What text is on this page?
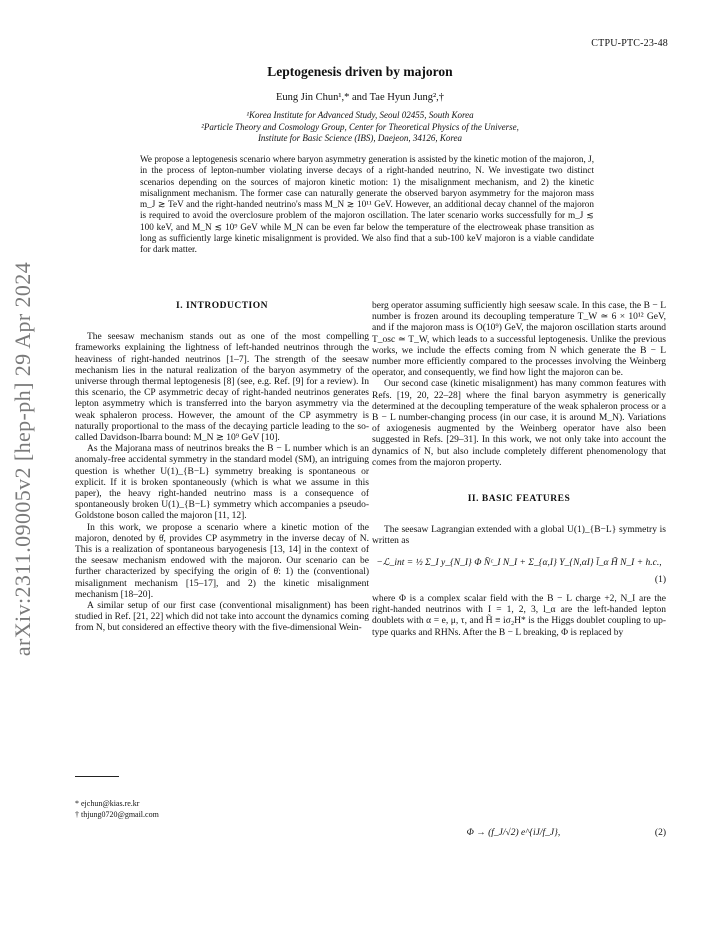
CTPU-PTC-23-48
arXiv:2311.09005v2 [hep-ph] 29 Apr 2024
Leptogenesis driven by majoron
Eung Jin Chun¹,* and Tae Hyun Jung²,†
¹Korea Institute for Advanced Study, Seoul 02455, South Korea
²Particle Theory and Cosmology Group, Center for Theoretical Physics of the Universe,
Institute for Basic Science (IBS), Daejeon, 34126, Korea
We propose a leptogenesis scenario where baryon asymmetry generation is assisted by the kinetic motion of the majoron, J, in the process of lepton-number violating inverse decays of a right-handed neutrino, N. We investigate two distinct scenarios depending on the sources of majoron kinetic motion: 1) the misalignment mechanism, and 2) the kinetic misalignment mechanism. The former case can naturally generate the observed baryon asymmetry for the majoron mass m_J ≳ TeV and the right-handed neutrino's mass M_N ≳ 10¹¹ GeV. However, an additional decay channel of the majoron is required to avoid the overclosure problem of the majoron oscillation. The later scenario works successfully for m_J ≲ 100 keV, and M_N ≲ 10⁹ GeV while M_N can be even far below the temperature of the electroweak phase transition as long as sufficiently large kinetic misalignment is provided. We also find that a sub-100 keV majoron is a viable candidate for dark matter.
I. INTRODUCTION

The seesaw mechanism stands out as one of the most compelling frameworks explaining the lightness of left-handed neutrinos through the heaviness of right-handed neutrinos [1–7]. The strength of the seesaw mechanism lies in the natural realization of the baryon asymmetry of the universe through thermal leptogenesis [8] (see, e.g. Ref. [9] for a review). In this scenario, the CP asymmetric decay of right-handed neutrinos generates lepton asymmetry which is transferred into the baryon asymmetry via the weak sphaleron process. However, the amount of the CP asymmetry is naturally proportional to the mass of the decaying particle leading to the so-called Davidson-Ibarra bound: M_N ≳ 10⁹ GeV [10].

As the Majorana mass of neutrinos breaks the B − L number which is an anomaly-free accidental symmetry in the standard model (SM), an intriguing question is whether U(1)_{B−L} symmetry breaking is spontaneous or explicit. If it is broken spontaneously (which is what we assume in this paper), the heavy right-handed neutrino mass is a consequence of spontaneously broken U(1)_{B−L} symmetry which accompanies a pseudo-Goldstone boson called the majoron [11, 12].

In this work, we propose a scenario where a kinetic motion of the majoron, denoted by θ̇, provides CP asymmetry in the inverse decay of N. This is a realization of spontaneous baryogenesis [13, 14] in the context of the seesaw mechanism endowed with the majoron. Our scenario can be further characterized by specifying the origin of θ̇: 1) the (conventional) misalignment mechanism [15–17], and 2) the kinetic misalignment mechanism [18–20].

A similar setup of our first case (conventional misalignment) has been studied in Ref. [21, 22] which did not take into account the dynamics coming from N, but considered an effective theory with the five-dimensional Wein-

berg operator assuming sufficiently high seesaw scale. In this case, the B − L number is frozen around its decoupling temperature T_W ≃ 6 × 10¹² GeV, and if the majoron mass is O(10⁹) GeV, the majoron oscillation starts around T_osc ≃ T_W, which leads to a successful leptogenesis. Unlike the previous works, we include the effects coming from N which generate the B − L number more efficiently compared to the processes involving the Weinberg operator, and consequently, we find how light the majoron can be.

Our second case (kinetic misalignment) has many common features with Refs. [19, 20, 22–28] where the final baryon asymmetry is generically determined at the decoupling temperature of the weak sphaleron process or a B − L number-changing process (in our case, it is around M_N). Variations of axiogenesis augmented by the Weinberg operator have also been suggested in Refs. [29–31]. In this work, we not only take into account the dynamics of N, but also include completely different phenomenology that comes from the majoron property.

II. BASIC FEATURES

The seesaw Lagrangian extended with a global U(1)_{B−L} symmetry is written as

−ℒ_int = ½ Σ_I y_{N_I} Φ N̄ᶜ_I N_I + Σ_{α,I} Y_{N,αI} l̄_α H̃ N_I + h.c.,
(1)

where Φ is a complex scalar field with the B − L charge +2, N_I are the right-handed neutrinos with I = 1, 2, 3, l_α are the left-handed lepton doublets with α = e, μ, τ, and H̃ ≡ iσ₂H* is the Higgs doublet coupling to up-type quarks and RHNs. After the B − L breaking, Φ is replaced by

Φ → (f_J/√2) e^{iJ/f_J},	(2)
* ejchun@kias.re.kr
† thjung0720@gmail.com
